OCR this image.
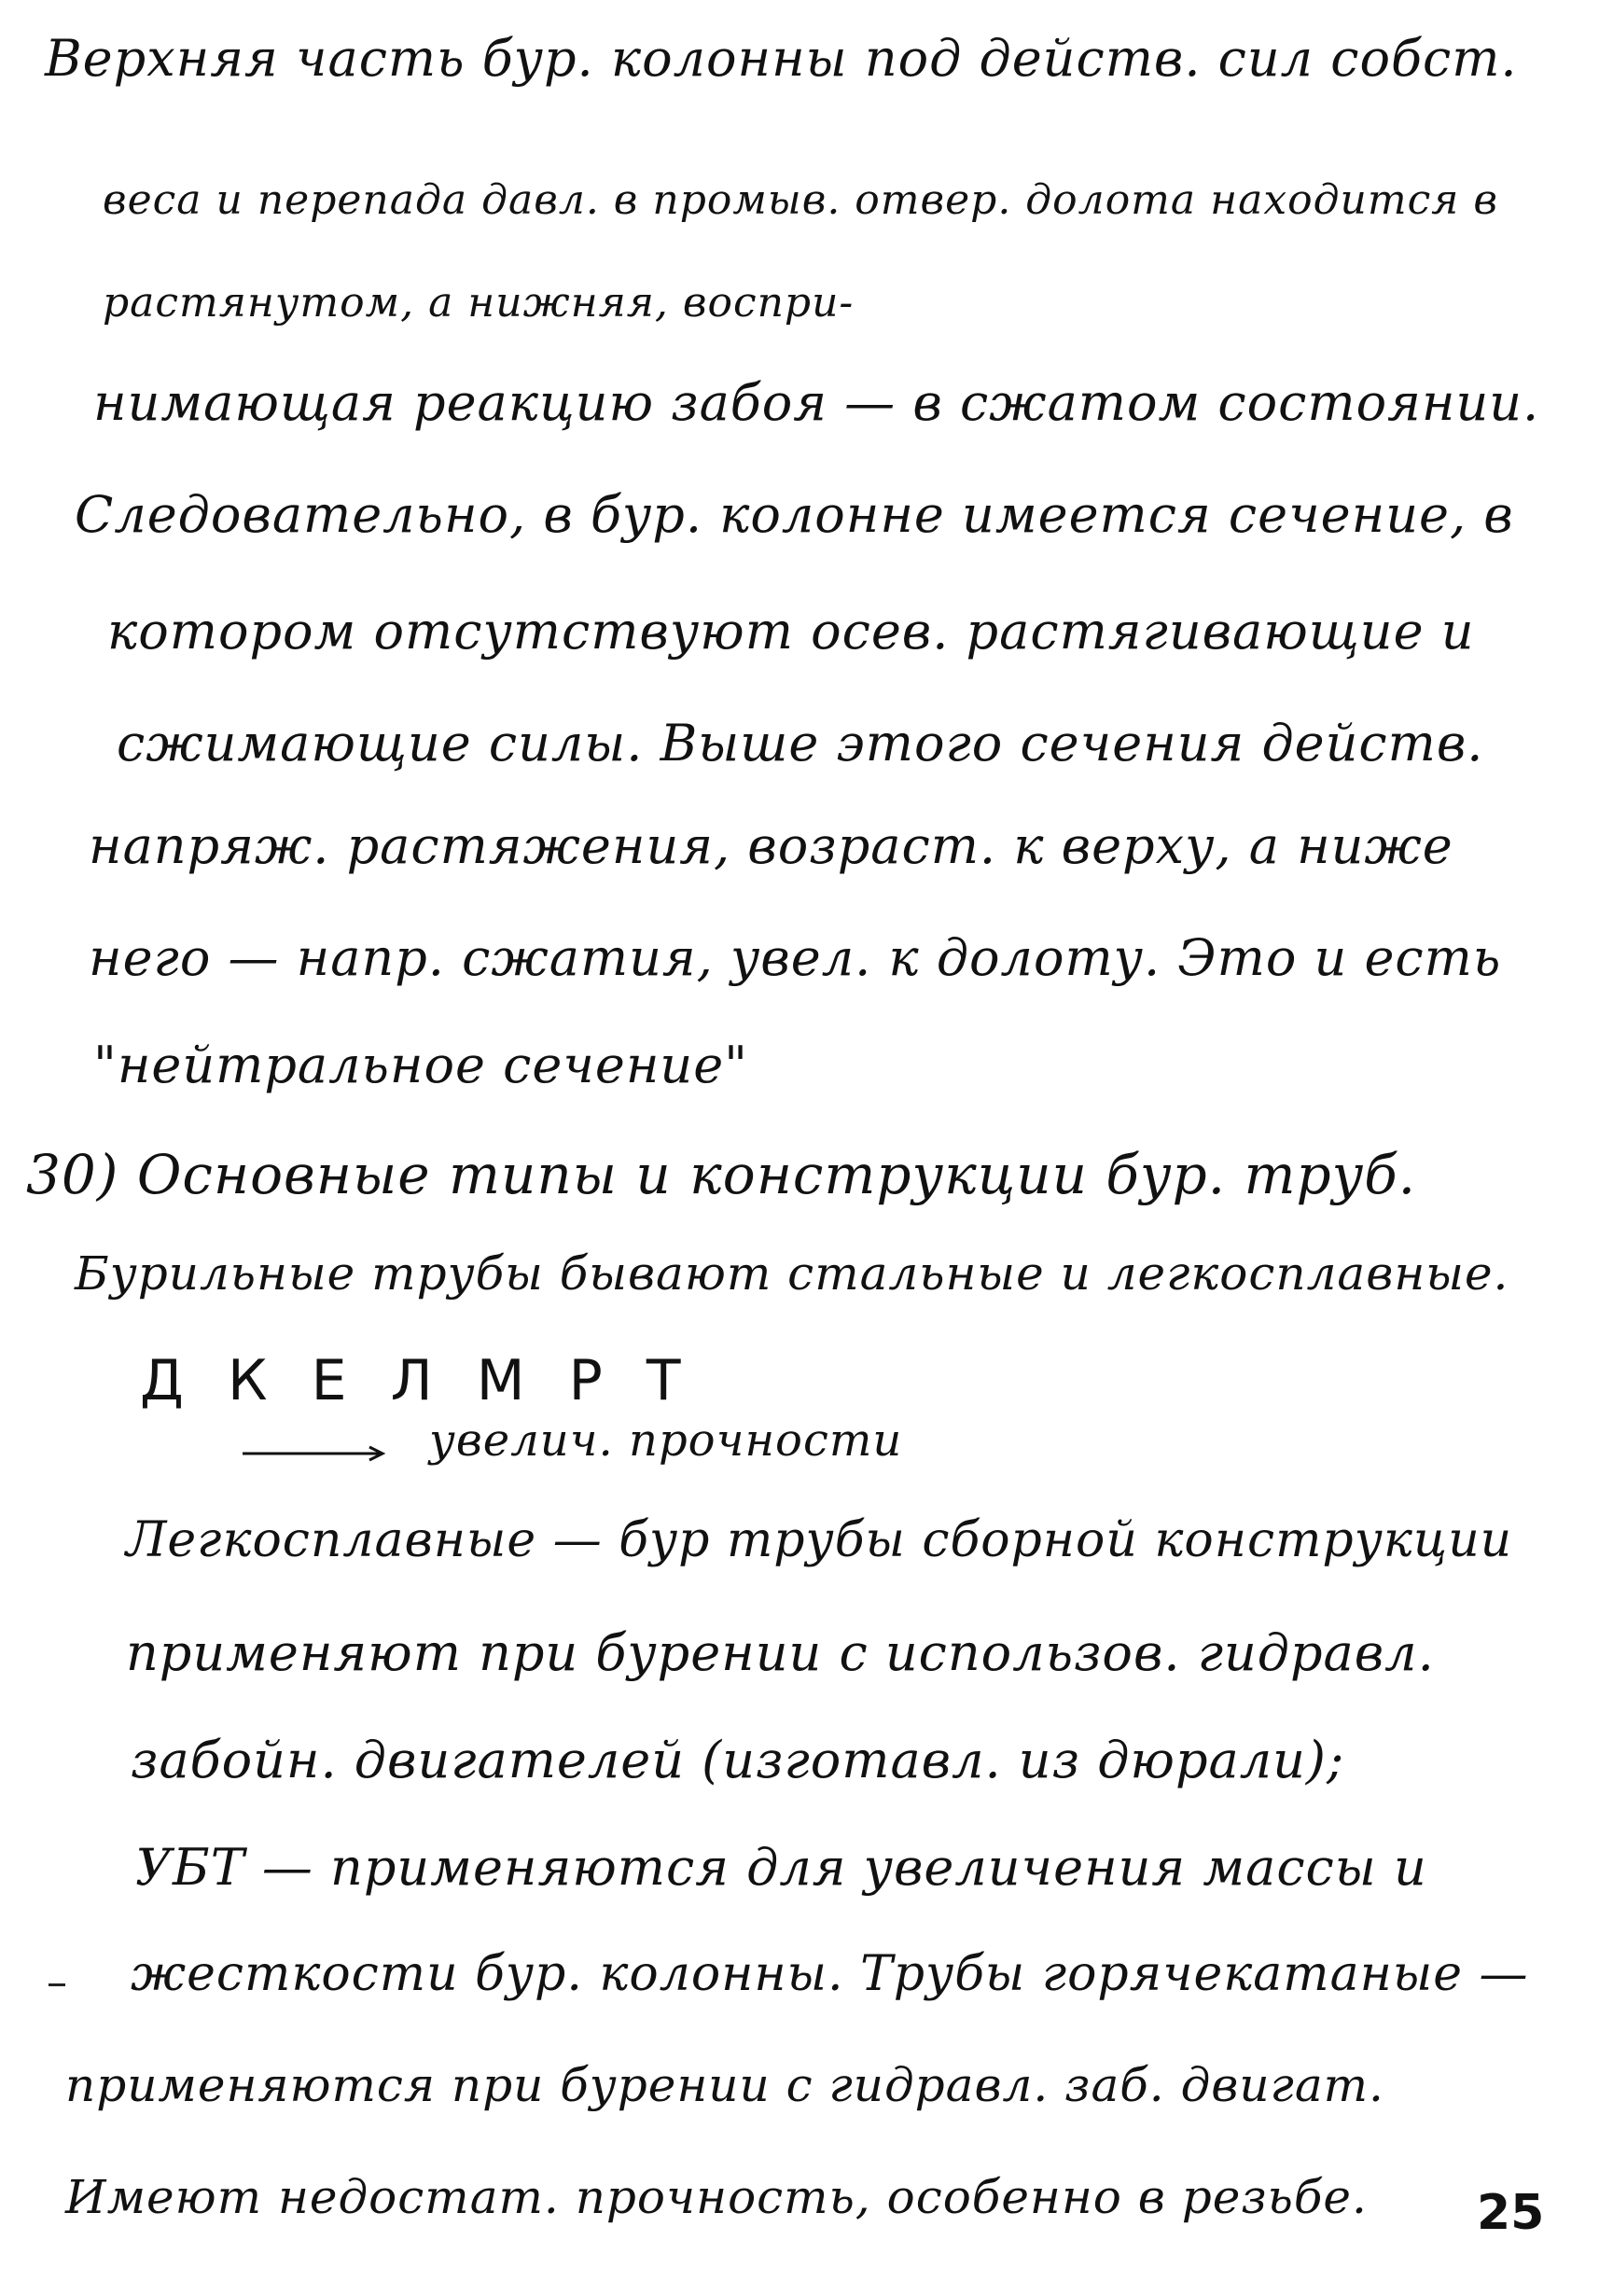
Верхняя часть бур. колонны под действ. сил собст.
веса и перепада давл. в промыв. отвер. долота находится в растянутом, а нижняя, воспри-
нимающая реакцию забоя — в сжатом состоянии.
Следовательно, в бур. колонне имеется сечение, в
котором отсутствуют осев. растягивающие и
сжимающие силы. Выше этого сечения действ.
напряж. растяжения, возраст. к верху, а ниже
него — напр. сжатия, увел. к долоту. Это и есть
"нейтральное сечение"
30) Основные типы и конструкции бур. труб.
Бурильные трубы бывают стальные и легкосплавные.
Д К Е Л М Р Т
увелич. прочности
Легкосплавные — бур трубы сборной конструкции
применяют при бурении с использов. гидравл.
забойн. двигателей (изготавл. из дюрали);
УБТ — применяются для увеличения массы и
жесткости бур. колонны. Трубы горячекатаные —
применяются при бурении с гидравл. заб. двигат.
Имеют недостат. прочность, особенно в резьбе. 25
